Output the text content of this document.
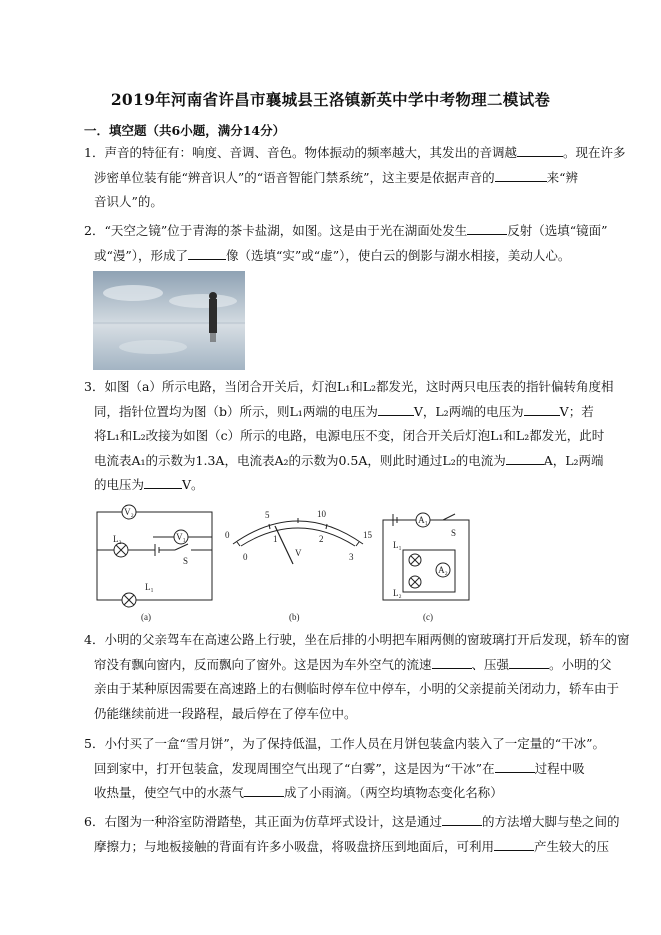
2019年河南省许昌市襄城县王洛镇新英中学中考物理二模试卷
一．填空题（共6小题，满分14分）
1．声音的特征有：响度、音调、音色。物体振动的频率越大，其发出的音调越	。现在许多
涉密单位装有能“辨音识人”的“语音智能门禁系统”，这主要是依据声音的	来“辨
音识人”的。
2．“天空之镜”位于青海的茶卡盐湖，如图。这是由于光在湖面处发生	反射（选填“镜面”
或“漫”），形成了	像（选填“实”或“虚”），使白云的倒影与湖水相接，美动人心。
3．如图（a）所示电路，当闭合开关后，灯泡L₁和L₂都发光，这时两只电压表的指针偏转角度相
同，指针位置均为图（b）所示，则L₁两端的电压为	V，L₂两端的电压为	V；若
将L₁和L₂改接为如图（c）所示的电路，电源电压不变，闭合开关后灯泡L₁和L₂都发光，此时
电流表A₁的示数为1.3A，电流表A₂的示数为0.5A，则此时通过L₂的电流为	A，L₂两端
的电压为	V。
V₂
V₁
L₂
L₁
S
(a)
0
5	10
15
0
1	2
3
V
(b)
A₁
A₂
L₁
L₂
S
(c)
4．小明的父亲驾车在高速公路上行驶，坐在后排的小明把车厢两侧的窗玻璃打开后发现，轿车的窗
帘没有飘向窗内，反而飘向了窗外。这是因为车外空气的流速	、压强	。小明的父
亲由于某种原因需要在高速路上的右侧临时停车位中停车，小明的父亲提前关闭动力，轿车由于
仍能继续前进一段路程，最后停在了停车位中。
5．小付买了一盒“雪月饼”，为了保持低温，工作人员在月饼包装盒内装入了一定量的“干冰”。
回到家中，打开包装盒，发现周围空气出现了“白雾”，这是因为“干冰”在	过程中吸
收热量，使空气中的水蒸气	成了小雨滴。（两空均填物态变化名称）
6．右图为一种浴室防滑踏垫，其正面为仿草坪式设计，这是通过	的方法增大脚与垫之间的
摩擦力；与地板接触的背面有许多小吸盘，将吸盘挤压到地面后，可利用	产生较大的压
